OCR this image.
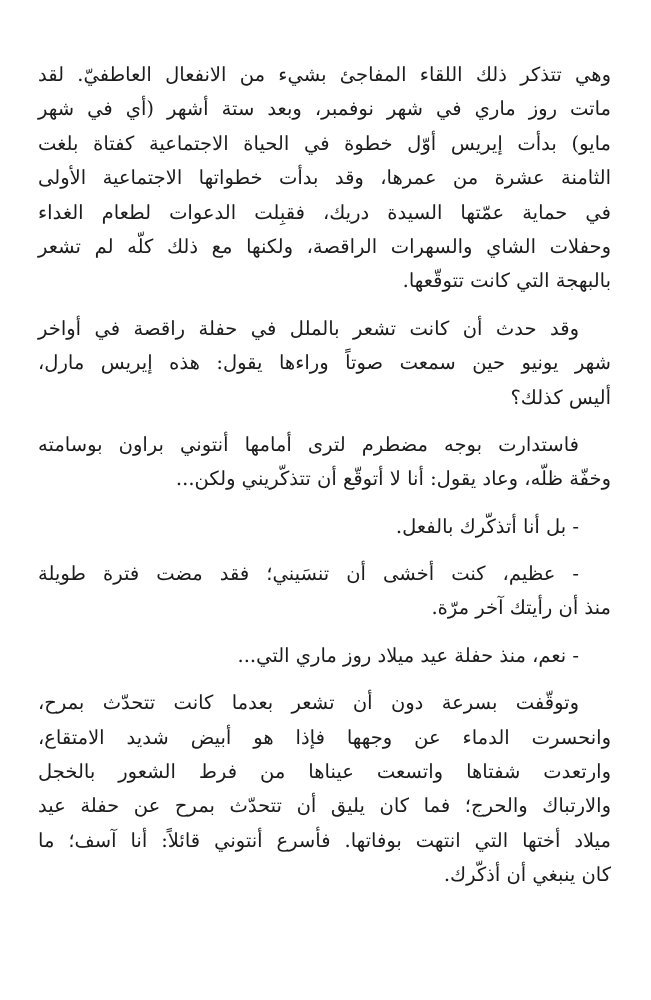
وهي تتذكر ذلك اللقاء المفاجئ بشيء من الانفعال العاطفيّ. لقد
ماتت روز ماري في شهر نوفمبر، وبعد ستة أشهر (أي في شهر
مايو) بدأت إيريس أوّل خطوة في الحياة الاجتماعية كفتاة بلغت
الثامنة عشرة من عمرها، وقد بدأت خطواتها الاجتماعية الأولى
في حماية عمّتها السيدة دريك، فقبِلت الدعوات لطعام الغداء
وحفلات الشاي والسهرات الراقصة، ولكنها مع ذلك كلّه لم تشعر
بالبهجة التي كانت تتوقّعها.

وقد حدث أن كانت تشعر بالملل في حفلة راقصة في أواخر
شهر يونيو حين سمعت صوتاً وراءها يقول: هذه إيريس مارل،
أليس كذلك؟

فاستدارت بوجه مضطرم لترى أمامها أنتوني براون بوسامته
وخفّة ظلّه، وعاد يقول: أنا لا أتوقّع أن تتذكّريني ولكن...

- بل أنا أتذكّرك بالفعل.

- عظيم، كنت أخشى أن تنسَيني؛ فقد مضت فترة طويلة
منذ أن رأيتك آخر مرّة.

- نعم، منذ حفلة عيد ميلاد روز ماري التي...

وتوقّفت بسرعة دون أن تشعر بعدما كانت تتحدّث بمرح،
وانحسرت الدماء عن وجهها فإذا هو أبيض شديد الامتقاع،
وارتعدت شفتاها واتسعت عيناها من فرط الشعور بالخجل
والارتباك والحرج؛ فما كان يليق أن تتحدّث بمرح عن حفلة عيد
ميلاد أختها التي انتهت بوفاتها. فأسرع أنتوني قائلاً: أنا آسف؛ ما
كان ينبغي أن أذكّرك.
